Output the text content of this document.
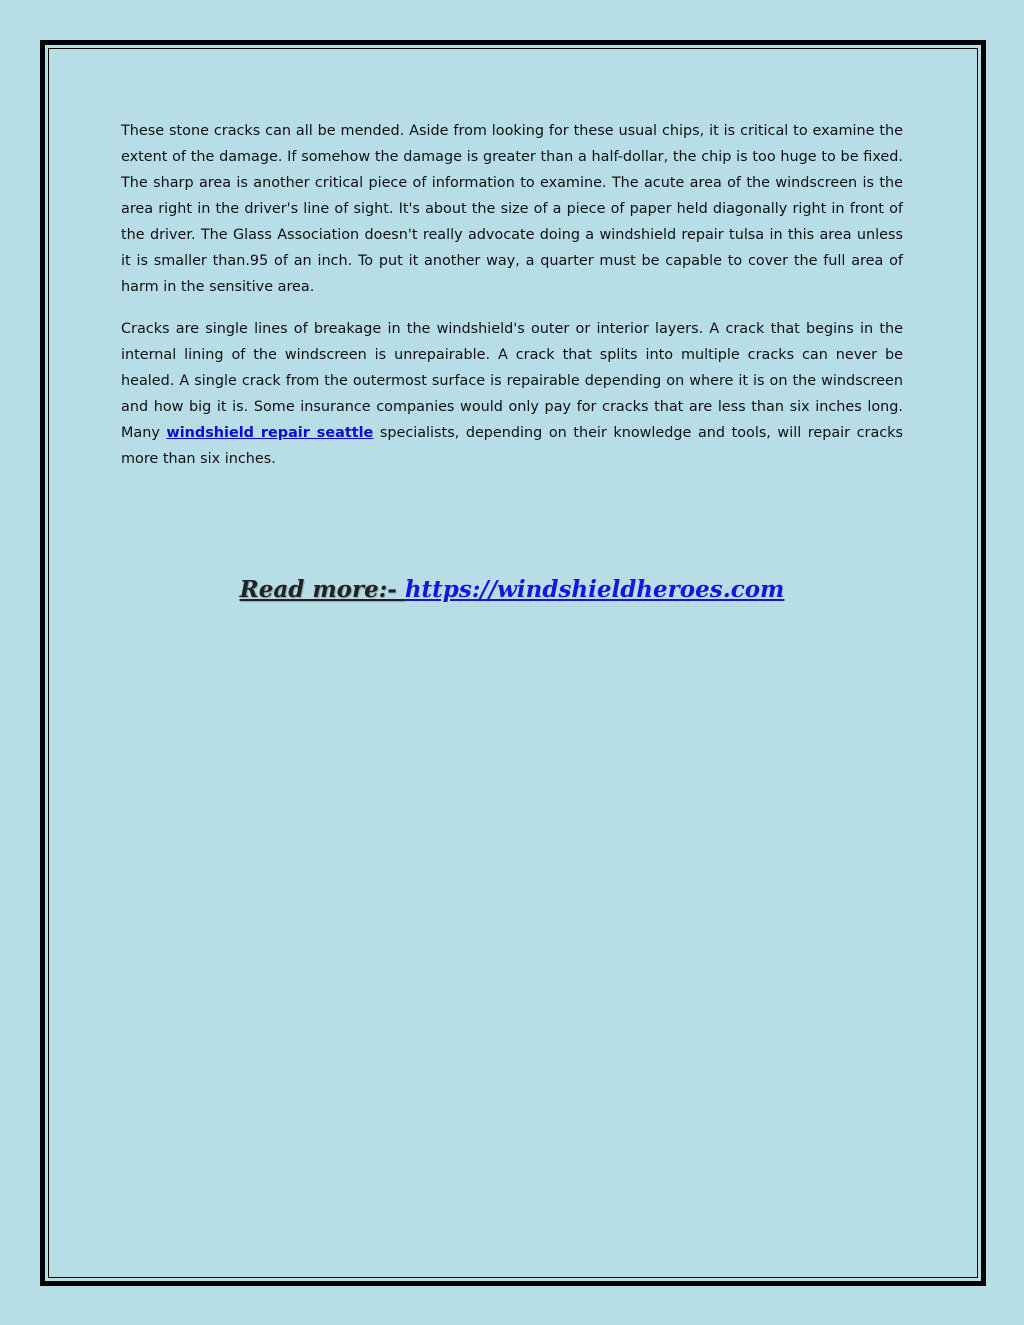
These stone cracks can all be mended. Aside from looking for these usual chips, it is critical to examine the extent of the damage. If somehow the damage is greater than a half-dollar, the chip is too huge to be fixed. The sharp area is another critical piece of information to examine. The acute area of the windscreen is the area right in the driver's line of sight. It's about the size of a piece of paper held diagonally right in front of the driver. The Glass Association doesn't really advocate doing a windshield repair tulsa in this area unless it is smaller than.95 of an inch. To put it another way, a quarter must be capable to cover the full area of harm in the sensitive area.

Cracks are single lines of breakage in the windshield's outer or interior layers. A crack that begins in the internal lining of the windscreen is unrepairable. A crack that splits into multiple cracks can never be healed. A single crack from the outermost surface is repairable depending on where it is on the windscreen and how big it is. Some insurance companies would only pay for cracks that are less than six inches long. Many windshield repair seattle specialists, depending on their knowledge and tools, will repair cracks more than six inches.

Read more:- https://windshieldheroes.com
